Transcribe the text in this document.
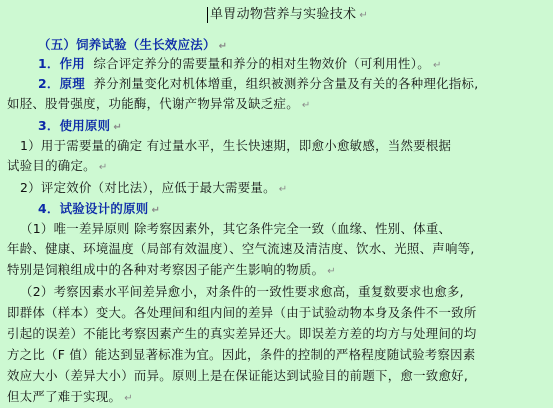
单胃动物营养与实验技术 ↵
（五）饲养试验（生长效应法） ↵
1．作用 综合评定养分的需要量和养分的相对生物效价（可利用性）。 ↵
2．原理 养分剂量变化对机体增重，组织被测养分含量及有关的各种理化指标,
如胫、股骨强度，功能酶，代谢产物异常及缺乏症。 ↵
3．使用原则 ↵
1）用于需要量的确定 有过量水平，生长快速期，即愈小愈敏感，当然要根据
试验目的确定。 ↵
2）评定效价（对比法），应低于最大需要量。 ↵
4．试验设计的原则 ↵
（1）唯一差异原则 除考察因素外，其它条件完全一致（血缘、性别、体重、
年龄、健康、环境温度（局部有效温度）、空气流速及清洁度、饮水、光照、声响等,
特别是饲粮组成中的各种对考察因子能产生影响的物质。 ↵
（2）考察因素水平间差异愈小，对条件的一致性要求愈高，重复数要求也愈多,
即群体（样本）变大。各处理间和组内间的差异（由于试验动物本身及条件不一致所
引起的误差）不能比考察因素产生的真实差异还大。即误差方差的均方与处理间的均
方之比（F 值）能达到显著标准为宜。因此，条件的控制的严格程度随试验考察因素
效应大小（差异大小）而异。原则上是在保证能达到试验目的前题下，愈一致愈好,
但太严了难于实现。 ↵
